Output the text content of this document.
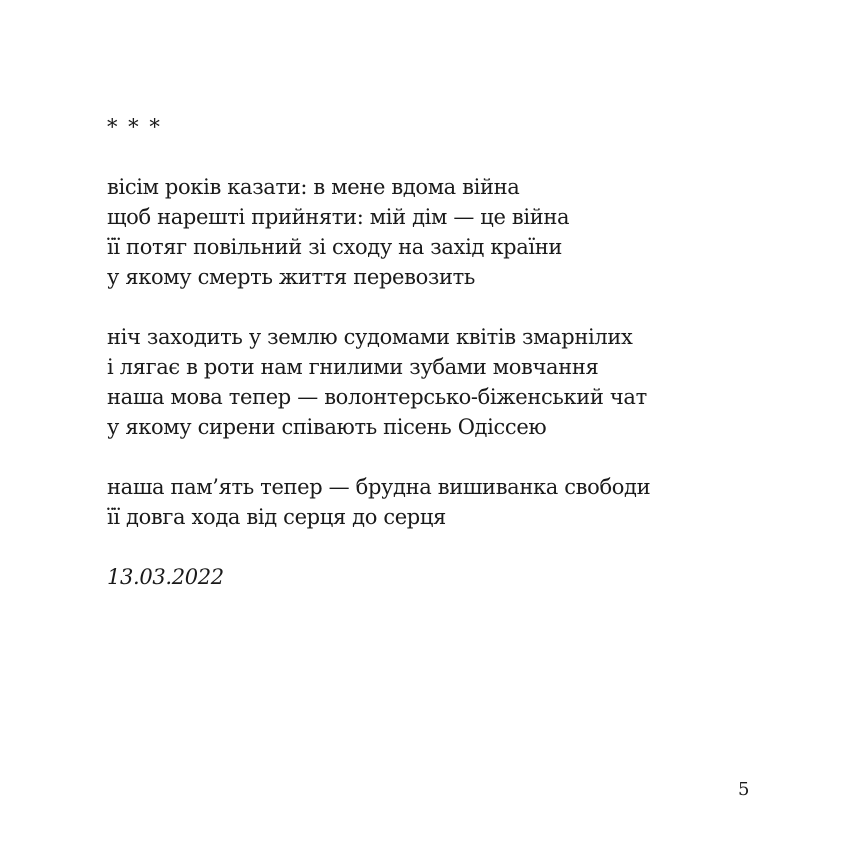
* * *
вісім років казати: в мене вдома війна
щоб нарешті прийняти: мій дім — це війна
її потяг повільний зі сходу на захід країни
у якому смерть життя перевозить
ніч заходить у землю судомами квітів змарнілих
і лягає в роти нам гнилими зубами мовчання
наша мова тепер — волонтерсько-біженський чат
у якому сирени співають пісень Одіссею
наша пам’ять тепер — брудна вишиванка свободи
її довга хода від серця до серця
13.03.2022
5
